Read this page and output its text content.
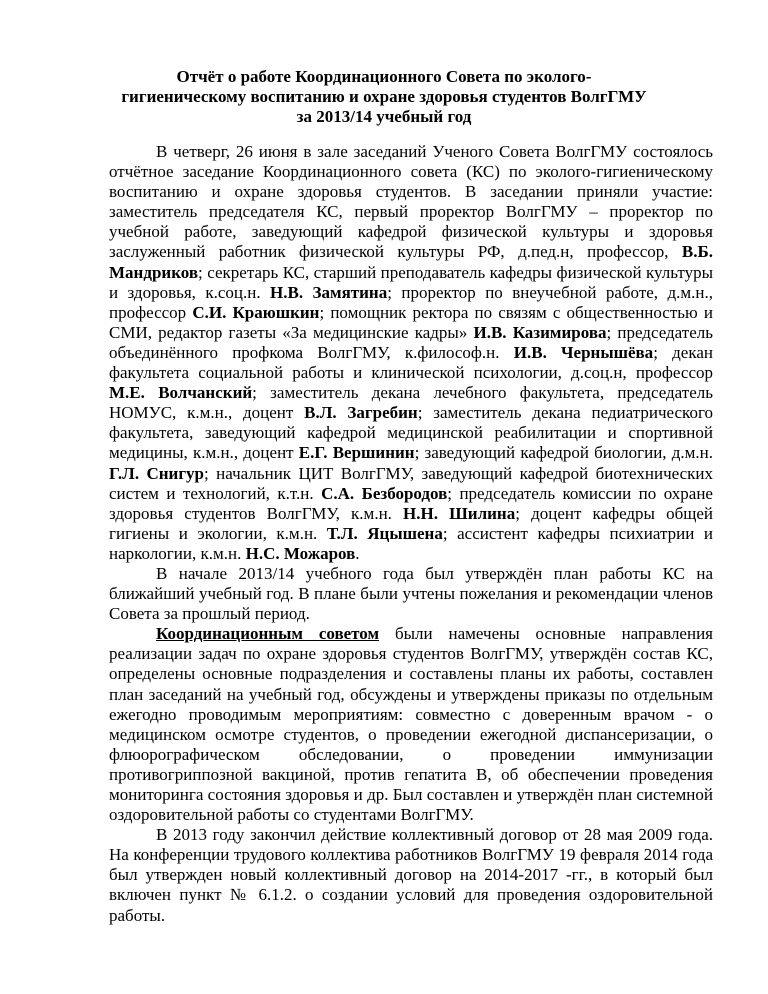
Отчёт о работе Координационного Совета по эколого-
гигиеническому воспитанию и охране здоровья студентов ВолгГМУ
за 2013/14 учебный год

В четверг, 26 июня в зале заседаний Ученого Совета ВолгГМУ состоялось отчётное заседание Координационного совета (КС) по эколого-гигиеническому воспитанию и охране здоровья студентов. В заседании приняли участие: заместитель председателя КС, первый проректор ВолгГМУ – проректор по учебной работе, заведующий кафедрой физической культуры и здоровья заслуженный работник физической культуры РФ, д.пед.н, профессор, В.Б. Мандриков; секретарь КС, старший преподаватель кафедры физической культуры и здоровья, к.соц.н. Н.В. Замятина; проректор по внеучебной работе, д.м.н., профессор С.И. Краюшкин; помощник ректора по связям с общественностью и СМИ, редактор газеты «За медицинские кадры» И.В. Казимирова; председатель объединённого профкома ВолгГМУ, к.философ.н. И.В. Чернышёва; декан факультета социальной работы и клинической психологии, д.соц.н, профессор М.Е. Волчанский; заместитель декана лечебного факультета, председатель НОМУС, к.м.н., доцент В.Л. Загребин; заместитель декана педиатрического факультета, заведующий кафедрой медицинской реабилитации и спортивной медицины, к.м.н., доцент Е.Г. Вершинин; заведующий кафедрой биологии, д.м.н. Г.Л. Снигур; начальник ЦИТ ВолгГМУ, заведующий кафедрой биотехнических систем и технологий, к.т.н. С.А. Безбородов; председатель комиссии по охране здоровья студентов ВолгГМУ, к.м.н. Н.Н. Шилина; доцент кафедры общей гигиены и экологии, к.м.н. Т.Л. Яцышена; ассистент кафедры психиатрии и наркологии, к.м.н. Н.С. Можаров.

В начале 2013/14 учебного года был утверждён план работы КС на ближайший учебный год. В плане были учтены пожелания и рекомендации членов Совета за прошлый период.

Координационным советом были намечены основные направления реализации задач по охране здоровья студентов ВолгГМУ, утверждён состав КС, определены основные подразделения и составлены планы их работы, составлен план заседаний на учебный год, обсуждены и утверждены приказы по отдельным ежегодно проводимым мероприятиям: совместно с доверенным врачом - о медицинском осмотре студентов, о проведении ежегодной диспансеризации, о флюорографическом обследовании, о проведении иммунизации противогриппозной вакциной, против гепатита В, об обеспечении проведения мониторинга состояния здоровья и др. Был составлен и утверждён план системной оздоровительной работы со студентами ВолгГМУ.

В 2013 году закончил действие коллективный договор от 28 мая 2009 года. На конференции трудового коллектива работников ВолгГМУ 19 февраля 2014 года был утвержден новый коллективный договор на 2014-2017 -гг., в который был включен пункт № 6.1.2. о создании условий для проведения оздоровительной работы.
